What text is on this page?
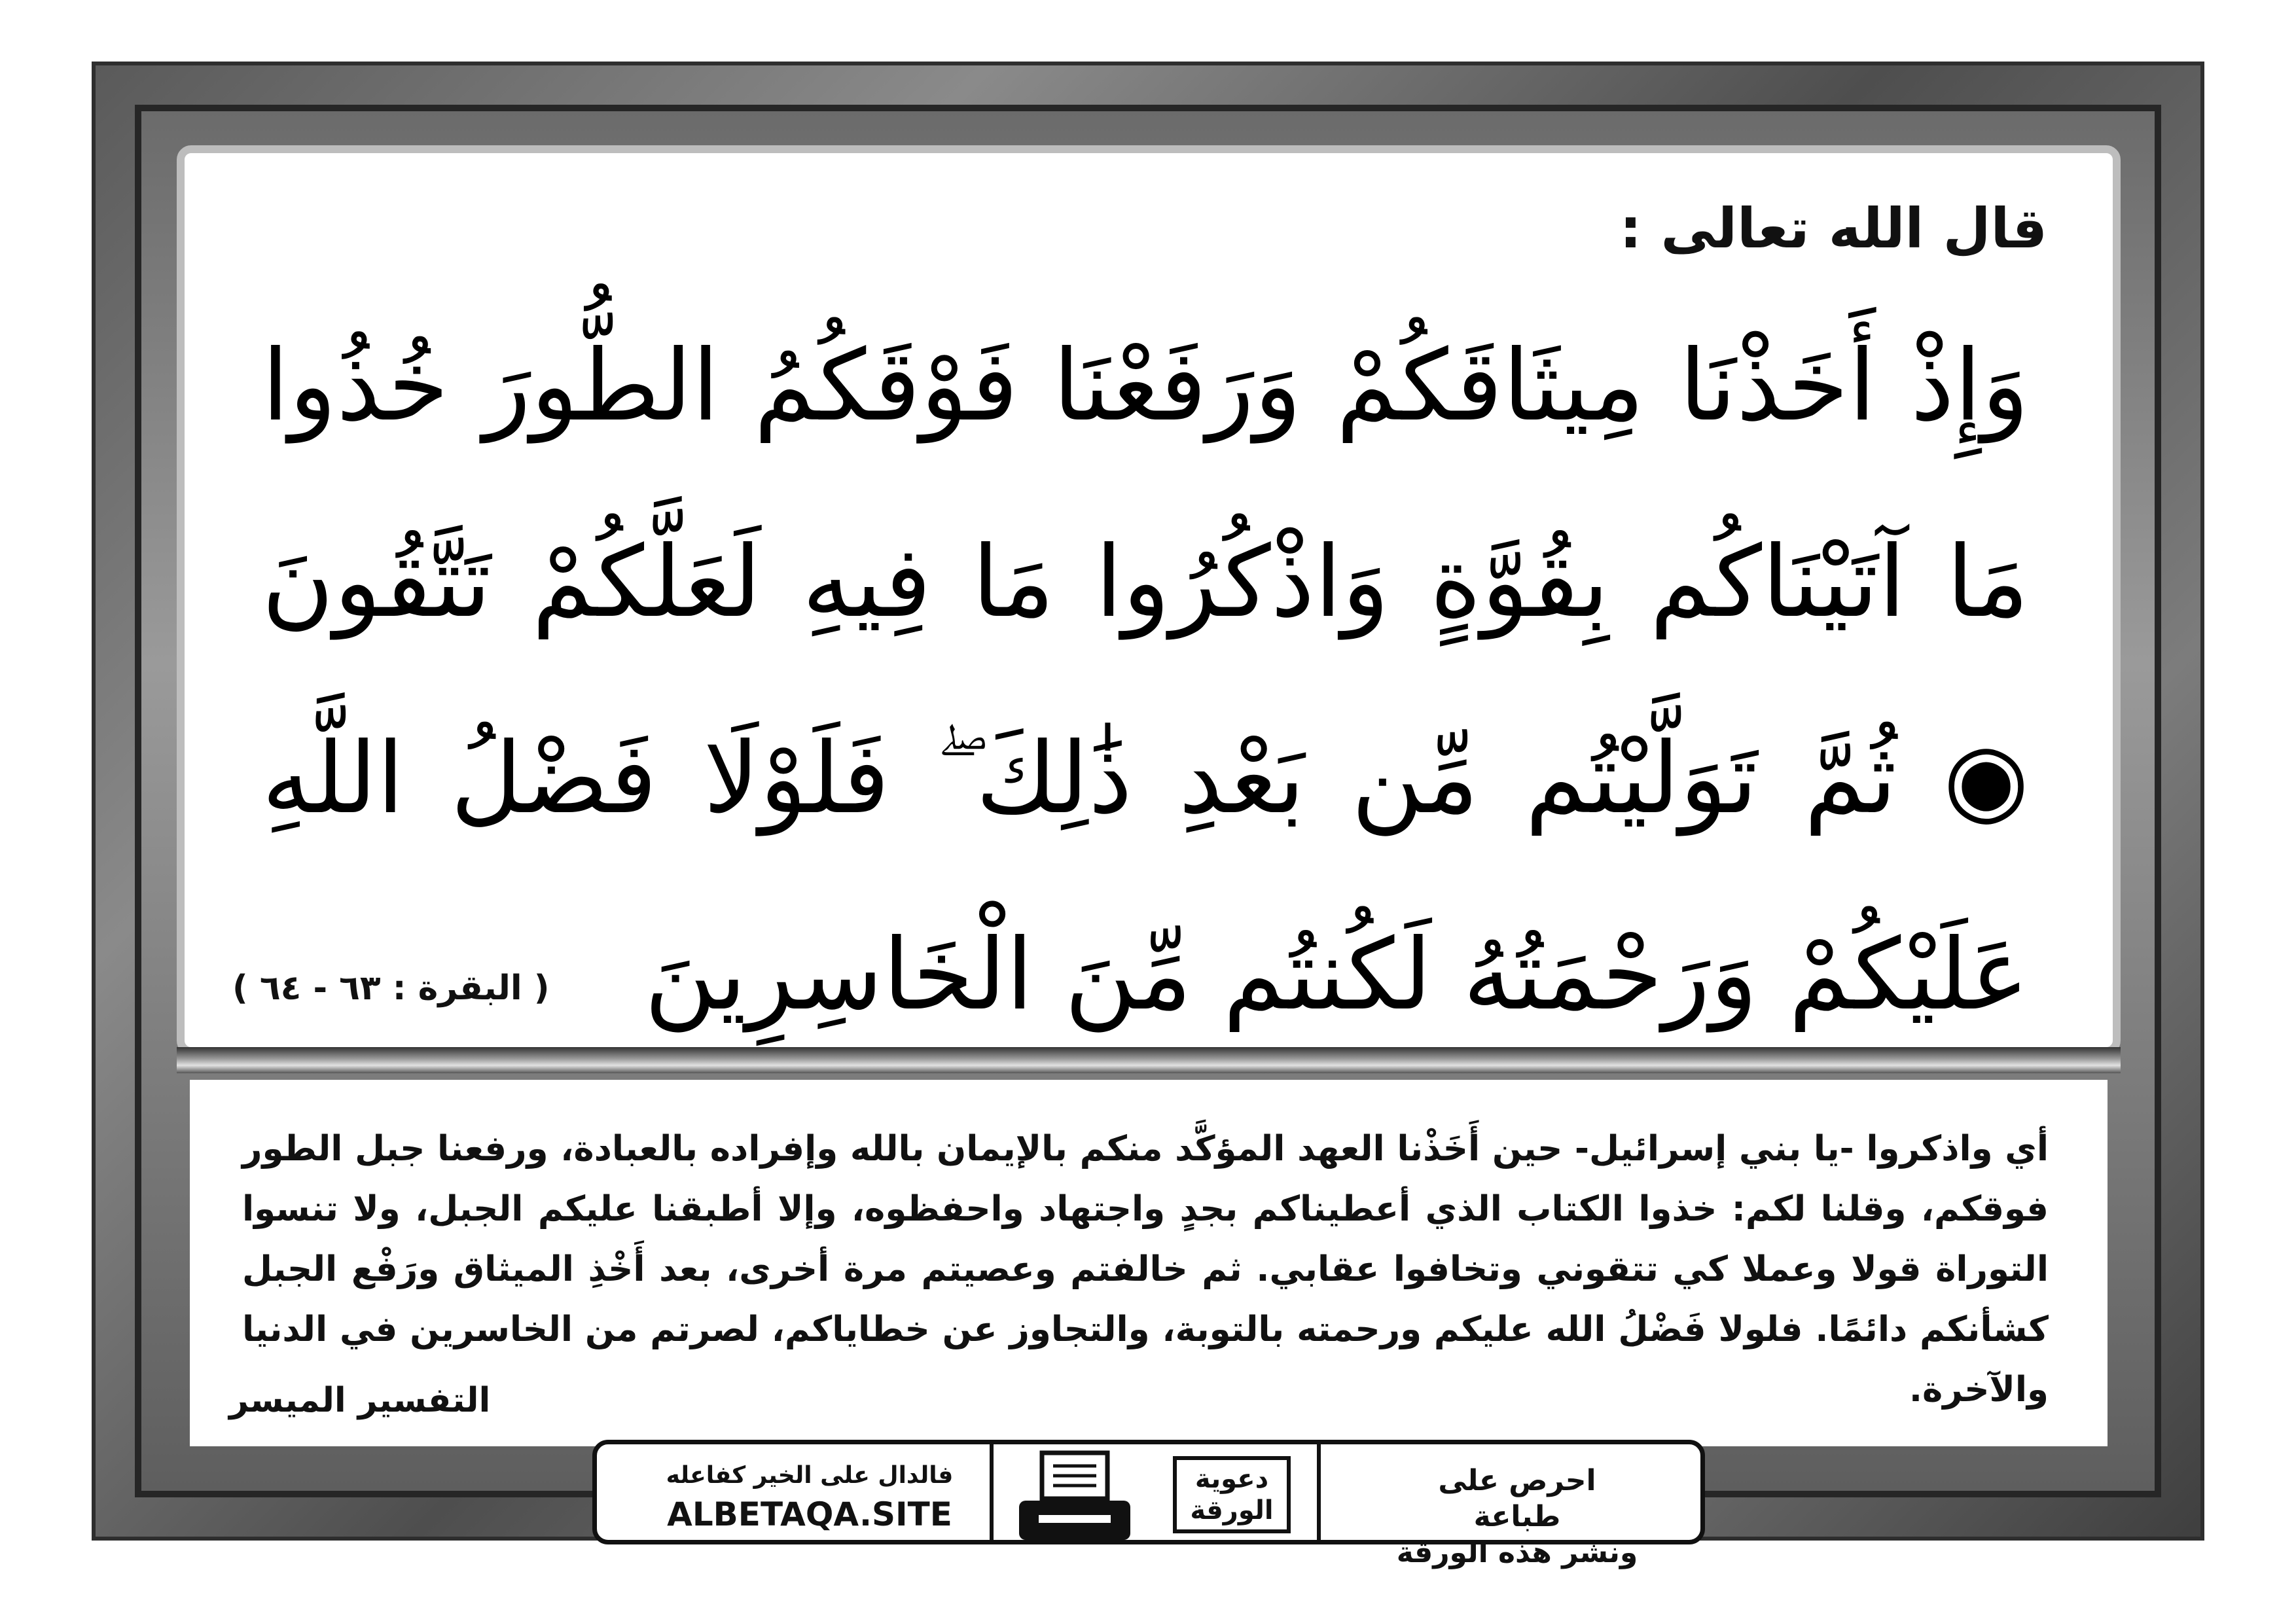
قال الله تعالى :
وَإِذْ أَخَذْنَا مِيثَاقَكُمْ وَرَفَعْنَا فَوْقَكُمُ الطُّورَ خُذُوا مَا آتَيْنَاكُم بِقُوَّةٍ وَاذْكُرُوا مَا فِيهِ لَعَلَّكُمْ تَتَّقُونَ ◉ ثُمَّ تَوَلَّيْتُم مِّن بَعْدِ ذَٰلِكَ ۖ فَلَوْلَا فَضْلُ اللَّهِ عَلَيْكُمْ وَرَحْمَتُهُ لَكُنتُم مِّنَ الْخَاسِرِينَ
( البقرة : ٦٣ - ٦٤ )
أي واذكروا -يا بني إسرائيل- حين أَخَذْنا العهد المؤكَّد منكم بالإيمان بالله وإفراده بالعبادة، ورفعنا جبل الطور فوقكم، وقلنا لكم: خذوا الكتاب الذي أعطيناكم بجدٍ واجتهاد واحفظوه، وإلا أطبقنا عليكم الجبل، ولا تنسوا التوراة قولا وعملا كي تتقوني وتخافوا عقابي. ثم خالفتم وعصيتم مرة أخرى، بعد أَخْذِ الميثاق ورَفْع الجبل كشأنكم دائمًا. فلولا فَضْلُ الله عليكم ورحمته بالتوبة، والتجاوز عن خطاياكم، لصرتم من الخاسرين في الدنيا والآخرة.
التفسير الميسر
فالدال على الخير كفاعله
ALBETAQA.SITE
دعوية
الورقة
احرص على طباعة
ونشر هذه الورقة
